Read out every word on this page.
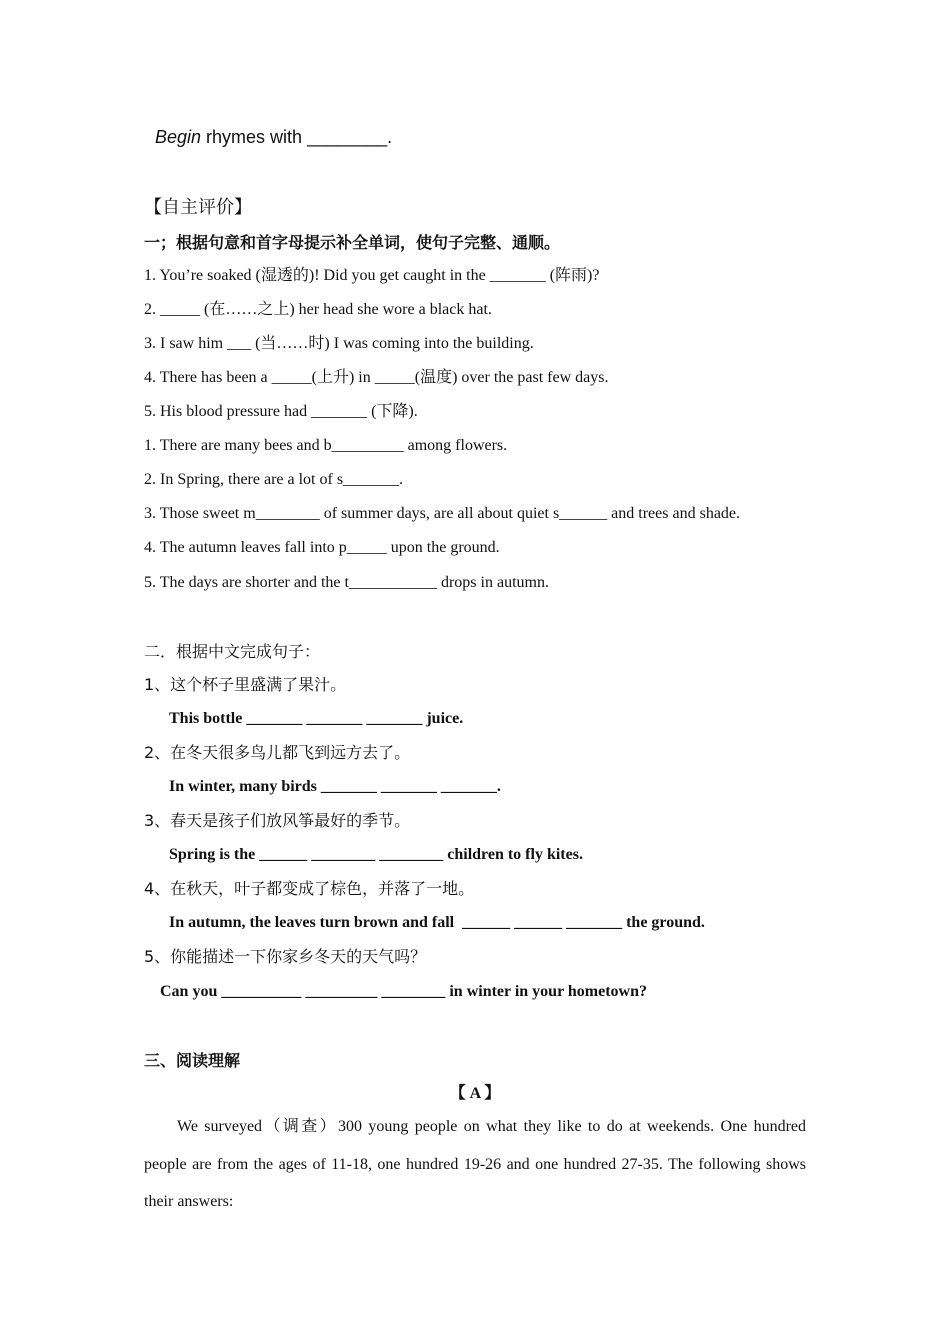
Begin rhymes with ________.
【自主评价】
一；根据句意和首字母提示补全单词，使句子完整、通顺。
1. You’re soaked (湿透的)! Did you get caught in the _______ (阵雨)?
2. _____ (在……之上) her head she wore a black hat.
3. I saw him ___ (当……时) I was coming into the building.
4. There has been a _____(上升) in _____(温度) over the past few days.
5. His blood pressure had _______ (下降).
1. There are many bees and b_________ among flowers.
2. In Spring, there are a lot of s_______.
3. Those sweet m________ of summer days, are all about quiet s______ and trees and shade.
4. The autumn leaves fall into p_____ upon the ground.
5. The days are shorter and the t___________ drops in autumn.
二．根据中文完成句子：
1、这个杯子里盛满了果汁。
This bottle _______ _______ _______ juice.
2、在冬天很多鸟儿都飞到远方去了。
In winter, many birds _______ _______ _______.
3、春天是孩子们放风筝最好的季节。
Spring is the ______ ________ ________ children to fly kites.
4、在秋天，叶子都变成了棕色，并落了一地。
In autumn, the leaves turn brown and fall  ______ ______ _______ the ground.
5、你能描述一下你家乡冬天的天气吗？
Can you __________ _________ ________ in winter in your hometown?
三、阅读理解
【 A 】
We surveyed（调查）300 young people on what they like to do at weekends. One hundred people are from the ages of 11-18, one hundred 19-26 and one hundred 27-35. The following shows their answers:
